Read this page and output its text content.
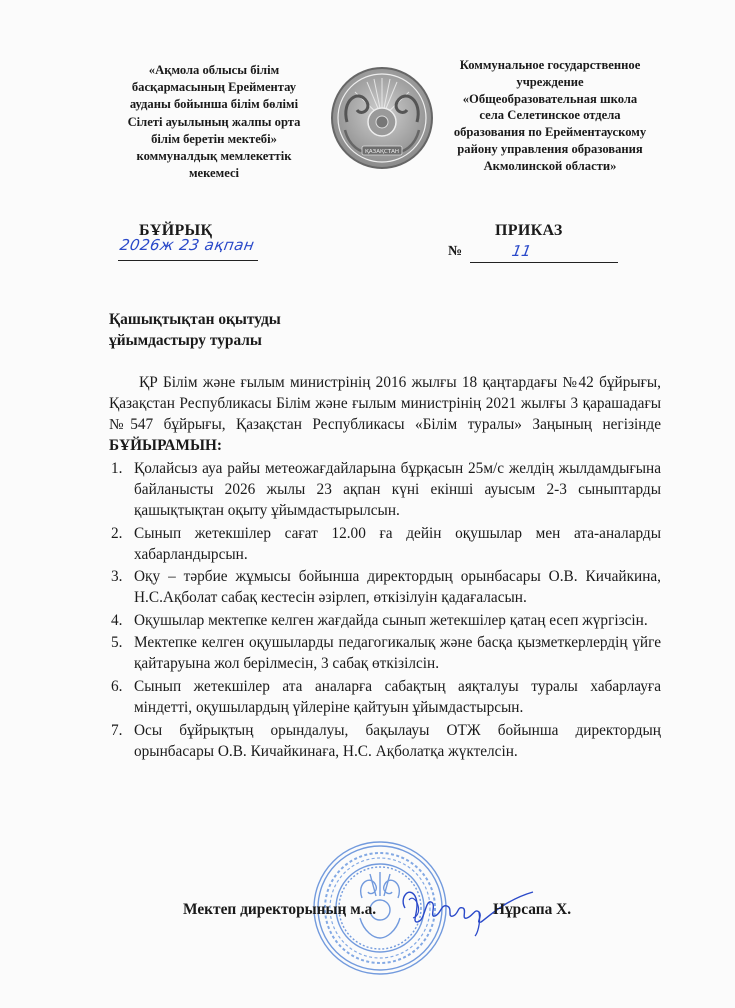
«Ақмола облысы білім
басқармасының Ерейментау
ауданы бойынша білім бөлімі
Сілеті ауылының жалпы орта
білім беретін мектебі»
коммуналдық мемлекеттік
мекемесі
ҚАЗАҚСТАН
Коммунальное государственное
учреждение
«Общеобразовательная школа
села Селетинское отдела
образования по Ерейментаускому
району управления образования
Акмолинской области»
БҰЙРЫҚ
2026ж 23 ақпан
ПРИКАЗ
№	11
Қашықтықтан оқытуды
ұйымдастыру туралы

ҚР Білім және ғылым министрінің 2016 жылғы 18 қаңтардағы №42 бұйрығы, Қазақстан Республикасы Білім және ғылым министрінің 2021 жылғы 3 қарашадағы №547 бұйрығы, Қазақстан Республикасы «Білім туралы» Заңының негізінде БҰЙЫРАМЫН:

1. Қолайсыз ауа райы метеожағдайларына бұрқасын 25м/с желдің жылдамдығына байланысты 2026 жылы 23 ақпан күні екінші ауысым 2-3 сыныптарды қашықтықтан оқыту ұйымдастырылсын.
2. Сынып жетекшілер сағат 12.00 ға дейін оқушылар мен ата-аналарды хабарландырсын.
3. Оқу – тәрбие жұмысы бойынша директордың орынбасары О.В. Кичайкина, Н.С.Ақболат сабақ кестесін әзірлеп, өткізілуін қадағаласын.
4. Оқушылар мектепке келген жағдайда сынып жетекшілер қатаң есеп жүргізсін.
5. Мектепке келген оқушыларды педагогикалық және басқа қызметкерлердің үйге қайтаруына жол берілмесін, 3 сабақ өткізілсін.
6. Сынып жетекшілер ата аналарға сабақтың аяқталуы туралы хабарлауға міндетті, оқушылардың үйлеріне қайтуын ұйымдастырсын.
7. Осы бұйрықтың орындалуы, бақылауы ОТЖ бойынша директордың орынбасары О.В. Кичайкинаға, Н.С. Ақболатқа жүктелсін.
Мектеп директорының м.а.	Нұрсапа Х.
